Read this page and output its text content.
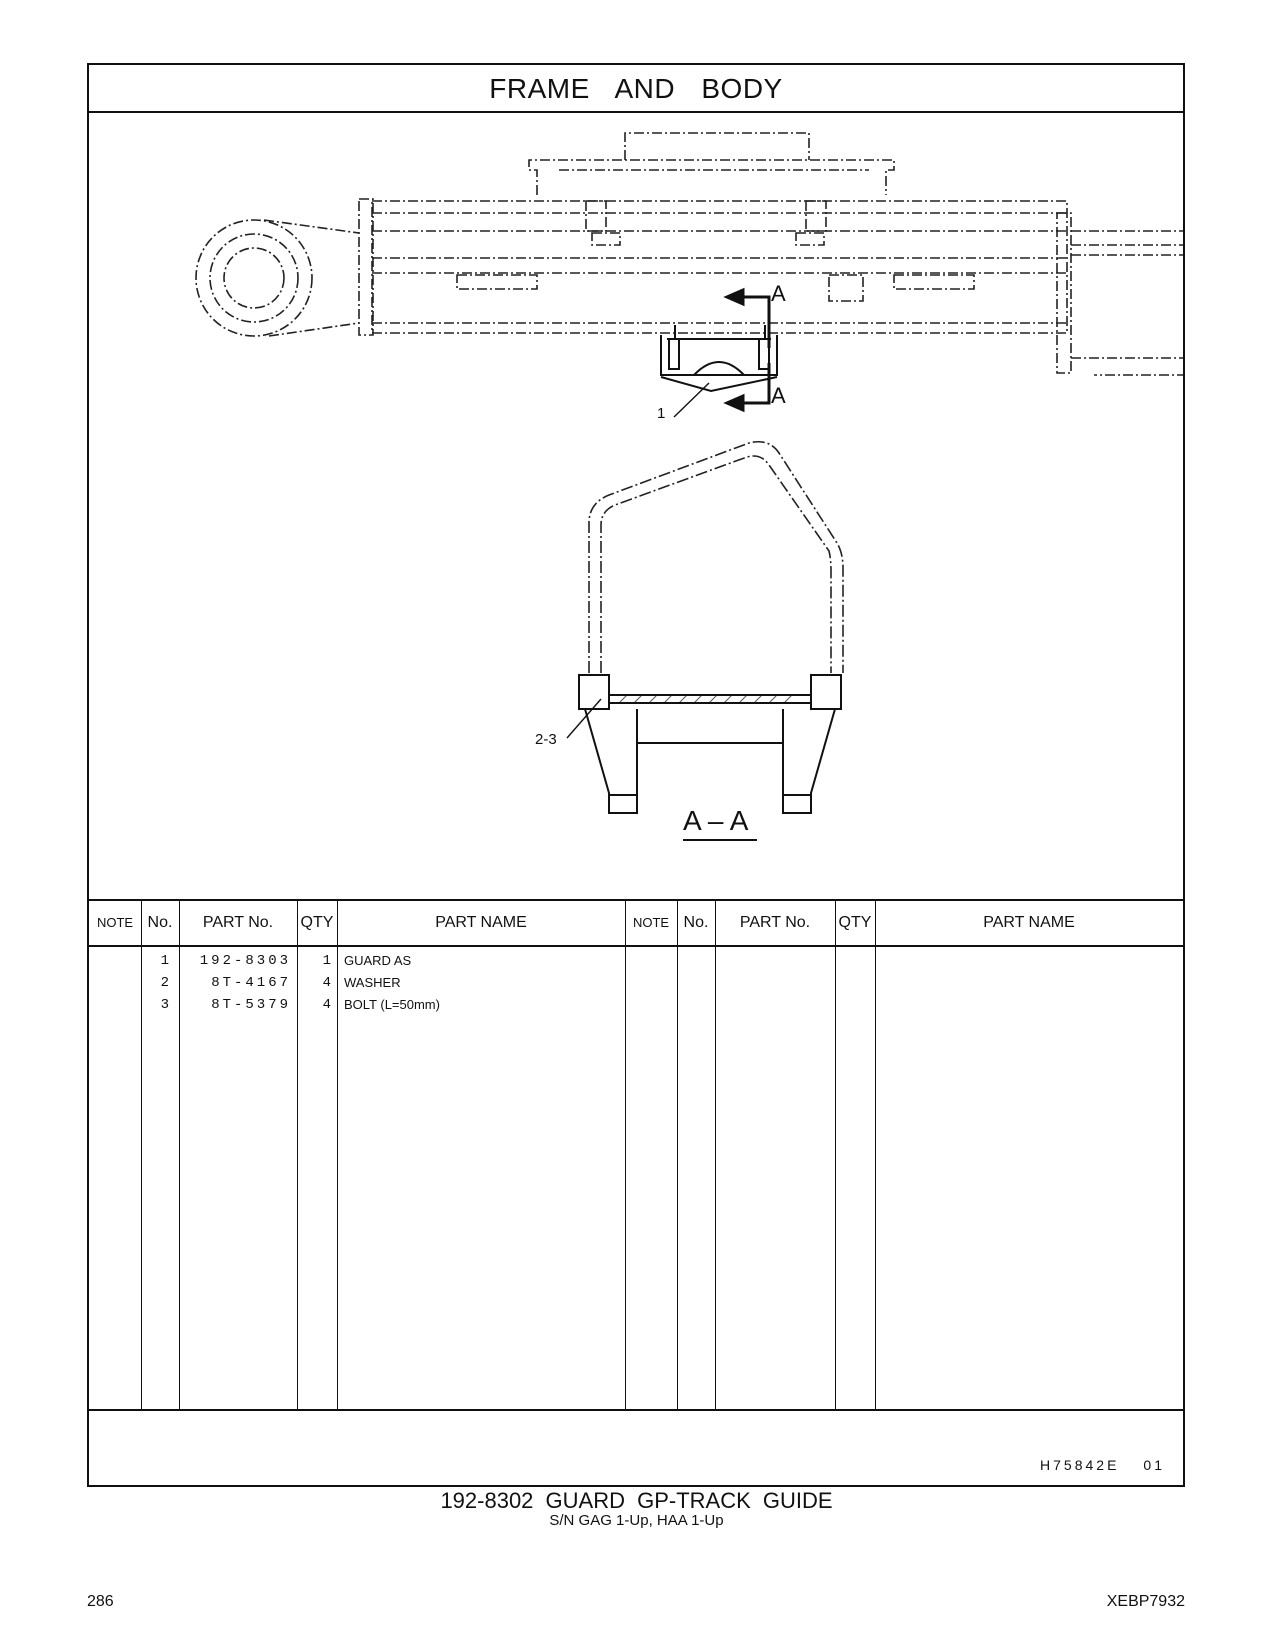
FRAME AND BODY
1
2-3
A
A
A – A
NOTE No.	PART No.	QTY	PART NAME	NOTE No.	PART No.	QTY	PART NAME
1	192-8303	1 GUARD AS
2	8T-4167	4 WASHER
3	8T-5379	4 BOLT (L=50mm)
H75842E 01
192-8302 GUARD GP-TRACK GUIDE
S/N GAG 1-Up, HAA 1-Up
286	XEBP7932
